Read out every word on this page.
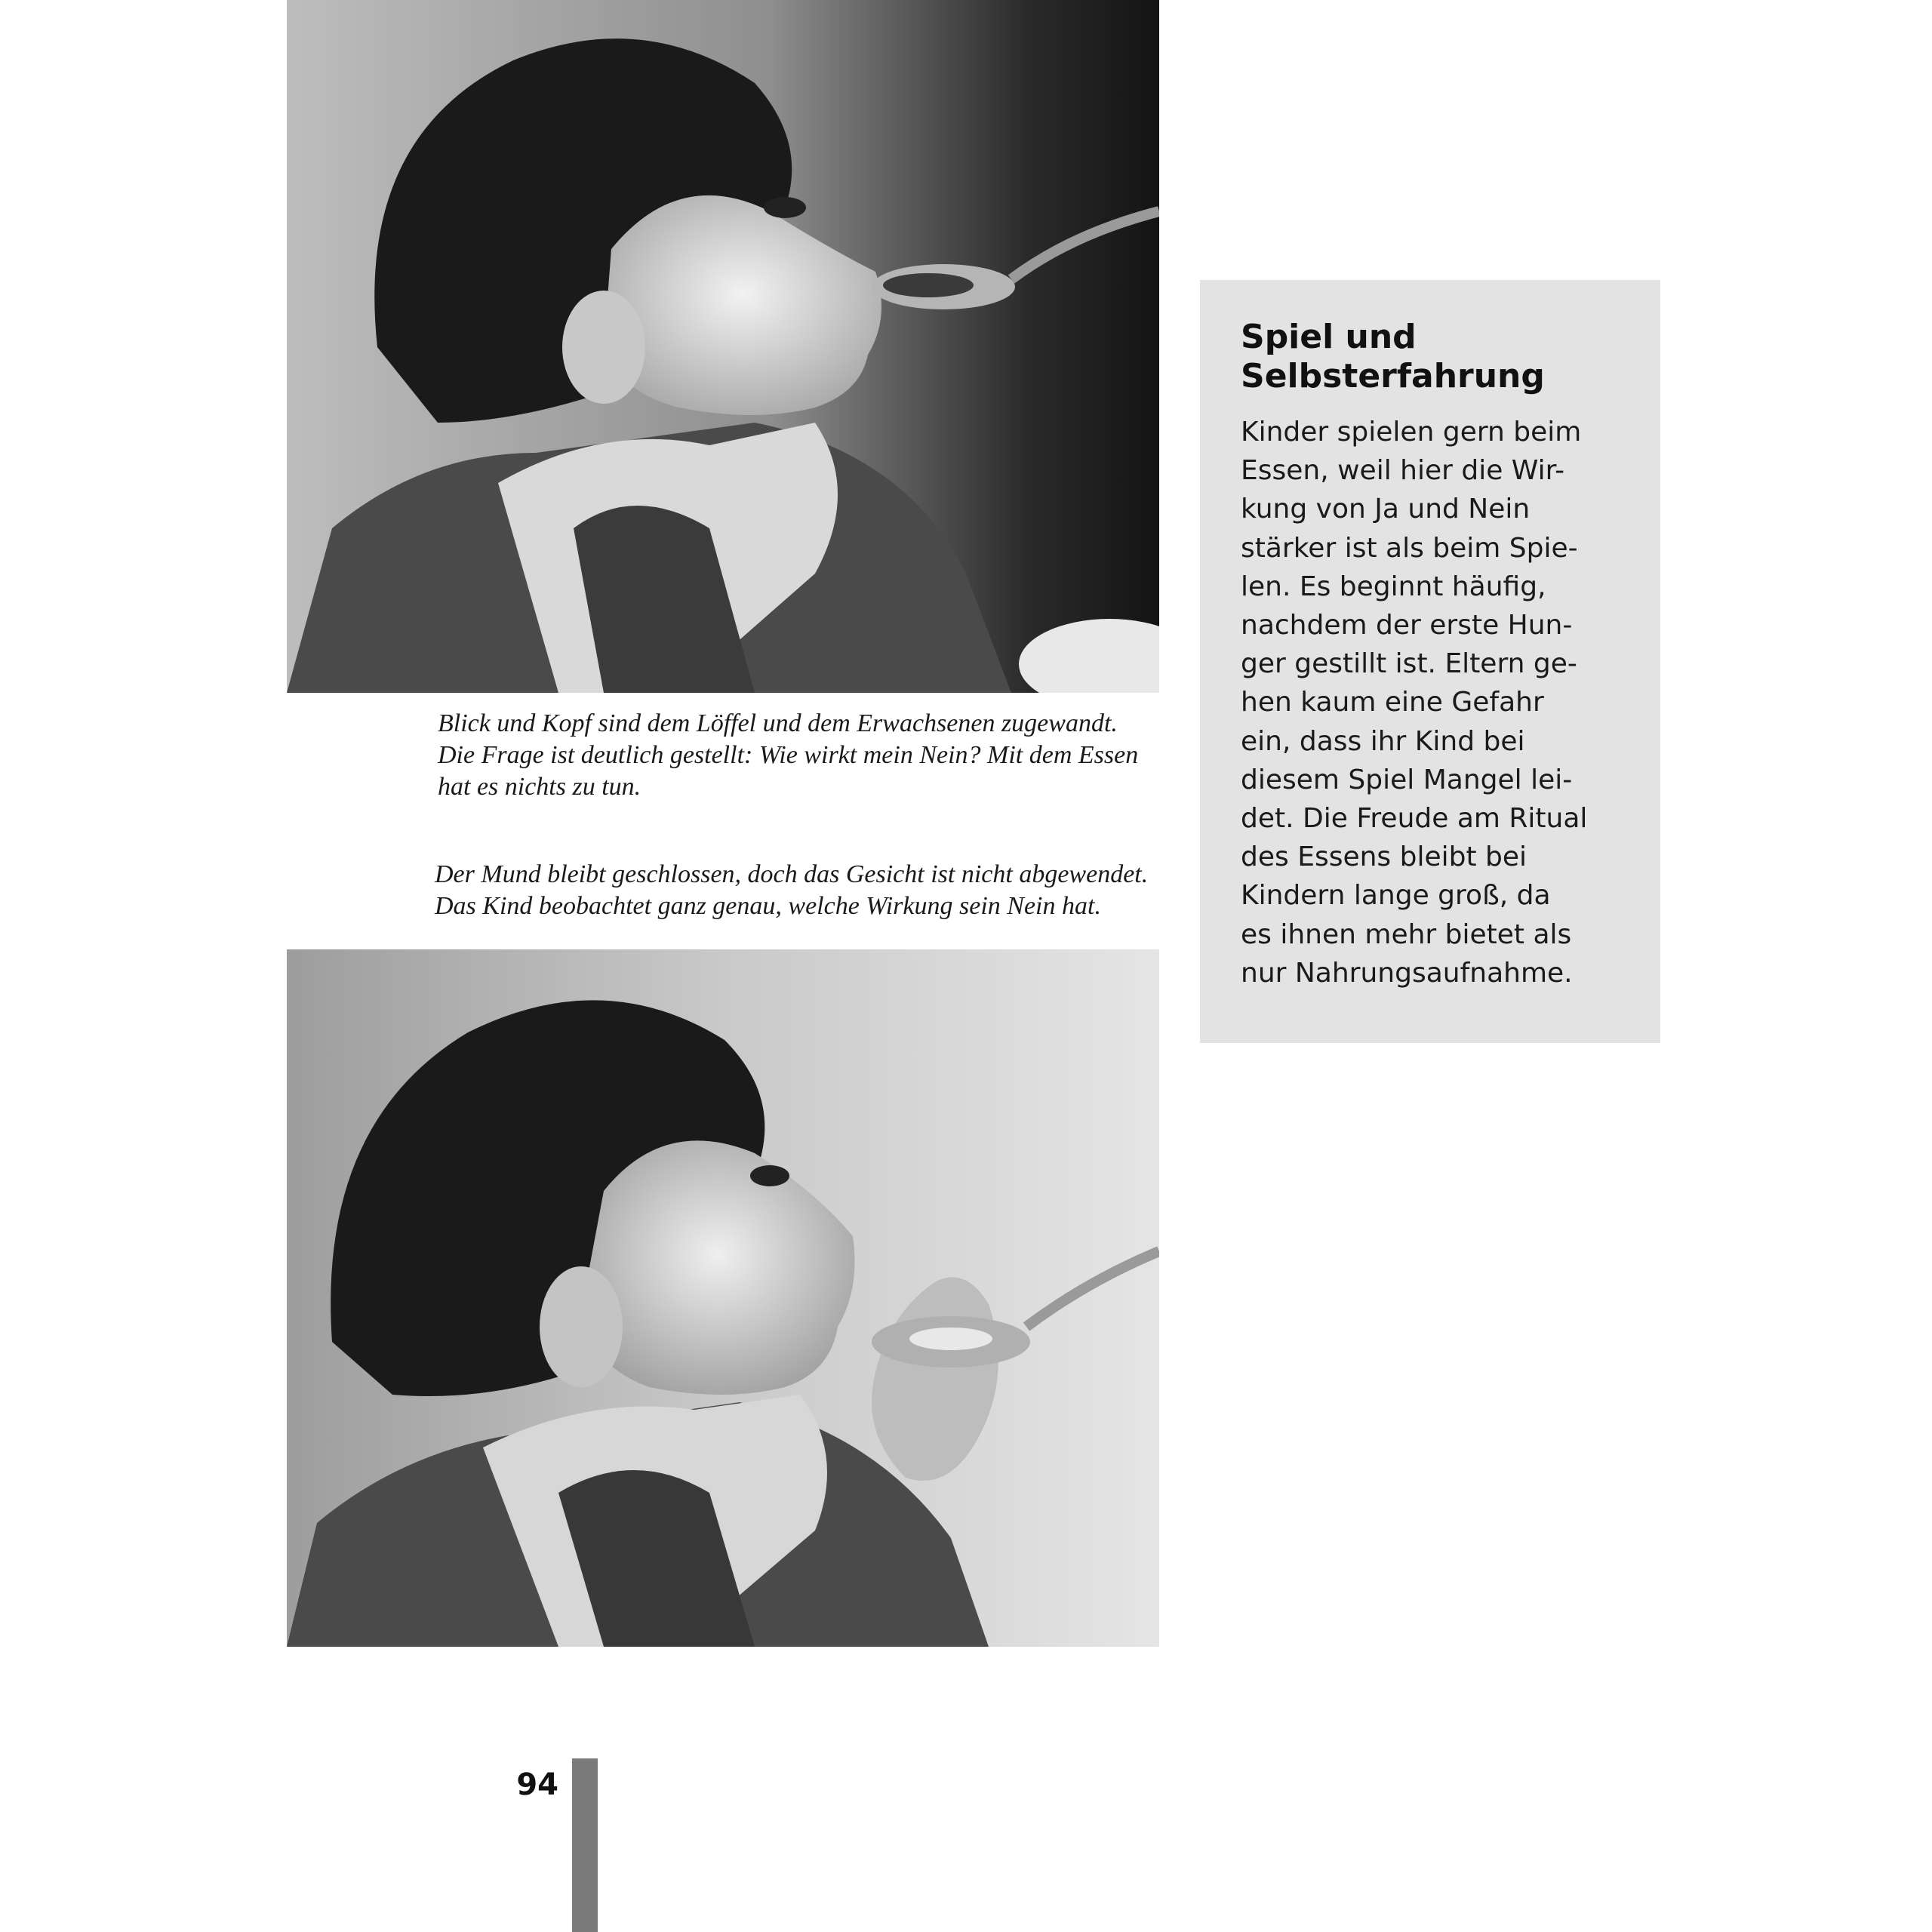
Blick und Kopf sind dem Löffel und dem Erwachsenen zugewandt.

Die Frage ist deutlich gestellt: Wie wirkt mein Nein? Mit dem Essen

hat es nichts zu tun.

Der Mund bleibt geschlossen, doch das Gesicht ist nicht abgewendet.

Das Kind beobachtet ganz genau, welche Wirkung sein Nein hat.

Spiel und
Selbsterfahrung
Kinder spielen gern beim
Essen, weil hier die Wir-
kung von Ja und Nein
stärker ist als beim Spie-
len. Es beginnt häufig,
nachdem der erste Hun-
ger gestillt ist. Eltern ge-
hen kaum eine Gefahr
ein, dass ihr Kind bei
diesem Spiel Mangel lei-
det. Die Freude am Ritual
des Essens bleibt bei
Kindern lange groß, da
es ihnen mehr bietet als
nur Nahrungsaufnahme.
94
